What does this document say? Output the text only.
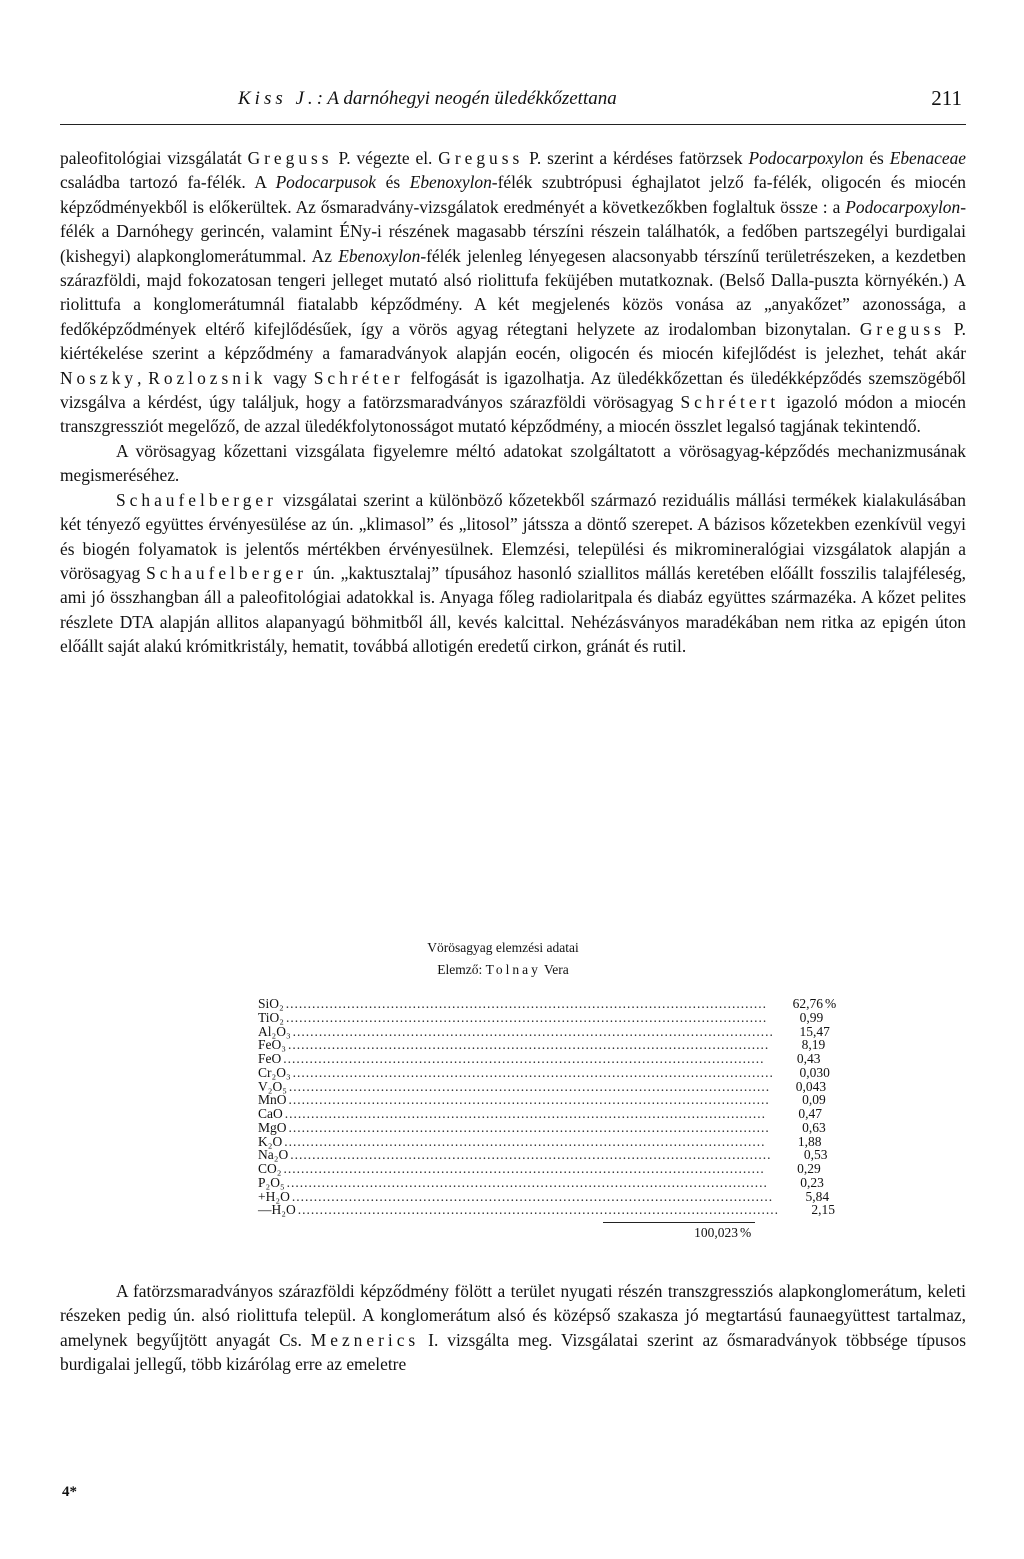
Kiss J.: A darnóhegyi neogén üledékkőzettana	211

paleofitológiai vizsgálatát Greguss P. végezte el. Greguss P. szerint a kérdéses fatörzsek Podocarpoxylon és Ebenaceae családba tartozó fa-félék. A Podocarpusok és Ebenoxylon-félék szubtrópusi éghajlatot jelző fa-félék, oligocén és miocén képződményekből is előkerültek. Az ősmaradvány-vizsgálatok eredményét a következőkben foglaltuk össze : a Podocarpoxylon-félék a Darnóhegy gerincén, valamint ÉNy-i részének magasabb térszíni részein találhatók, a fedőben partszegélyi burdigalai (kishegyi) alapkonglomerátummal. Az Ebenoxylon-félék jelenleg lényegesen alacsonyabb térszínű területrészeken, a kezdetben szárazföldi, majd fokozatosan tengeri jelleget mutató alsó riolittufa feküjében mutatkoznak. (Belső Dalla-puszta környékén.) A riolittufa a konglomerátumnál fiatalabb képződmény. A két megjelenés közös vonása az „anyakőzet” azonossága, a fedőképződmények eltérő kifejlődésűek, így a vörös agyag rétegtani helyzete az irodalomban bizonytalan. Greguss P. kiértékelése szerint a képződmény a famaradványok alapján eocén, oligocén és miocén kifejlődést is jelezhet, tehát akár Noszky, Rozlozsnik vagy Schréter felfogását is igazolhatja. Az üledékkőzettan és üledékképződés szemszögéből vizsgálva a kérdést, úgy találjuk, hogy a fatörzsmaradványos szárazföldi vörösagyag Schrétert igazoló módon a miocén transzgressziót megelőző, de azzal üledékfolytonosságot mutató képződmény, a miocén összlet legalsó tagjának tekintendő.

A vörösagyag kőzettani vizsgálata figyelemre méltó adatokat szolgáltatott a vörösagyag-képződés mechanizmusának megismeréséhez.

Schaufelberger vizsgálatai szerint a különböző kőzetekből származó reziduális mállási termékek kialakulásában két tényező együttes érvényesülése az ún. „klimasol” és „litosol” játssza a döntő szerepet. A bázisos kőzetekben ezenkívül vegyi és biogén folyamatok is jelentős mértékben érvényesülnek. Elemzési, települési és mikromineralógiai vizsgálatok alapján a vörösagyag Schaufelberger ún. „kaktusztalaj” típusához hasonló sziallitos mállás keretében előállt fosszilis talajféleség, ami jó összhangban áll a paleofitológiai adatokkal is. Anyaga főleg radiolaritpala és diabáz együttes származéka. A kőzet pelites részlete DTA alapján allitos alapanyagú böhmitből áll, kevés kalcittal. Nehézásványos maradékában nem ritka az epigén úton előállt saját alakú krómitkristály, hematit, továbbá allotigén eredetű cirkon, gránát és rutil.

Vörösagyag elemzési adatai
Elemző: Tolnay Vera
SiO₂ ..............................................................................................................	62,76 %
TiO₂ ..............................................................................................................	0,99
Al₂O₃ ..............................................................................................................	15,47
FeO₃ ..............................................................................................................	8,19
FeO ..............................................................................................................	0,43
Cr₂O₃ ..............................................................................................................	0,030
V₂O₅ ..............................................................................................................	0,043
MnO ..............................................................................................................	0,09
CaO ..............................................................................................................	0,47
MgO ..............................................................................................................	0,63
K₂O ..............................................................................................................	1,88
Na₂O ..............................................................................................................	0,53
CO₂ ..............................................................................................................	0,29
P₂O₅ ..............................................................................................................	0,23
+H₂O ..............................................................................................................	5,84
—H₂O ..............................................................................................................	2,15
100,023 %

A fatörzsmaradványos szárazföldi képződmény fölött a terület nyugati részén transzgressziós alapkonglomerátum, keleti részeken pedig ún. alsó riolittufa települ. A konglomerátum alsó és középső szakasza jó megtartású faunaegyüttest tartalmaz, amelynek begyűjtött anyagát Cs. Meznerics I. vizsgálta meg. Vizsgálatai szerint az ősmaradványok többsége típusos burdigalai jellegű, több kizárólag erre az emeletre

4*
